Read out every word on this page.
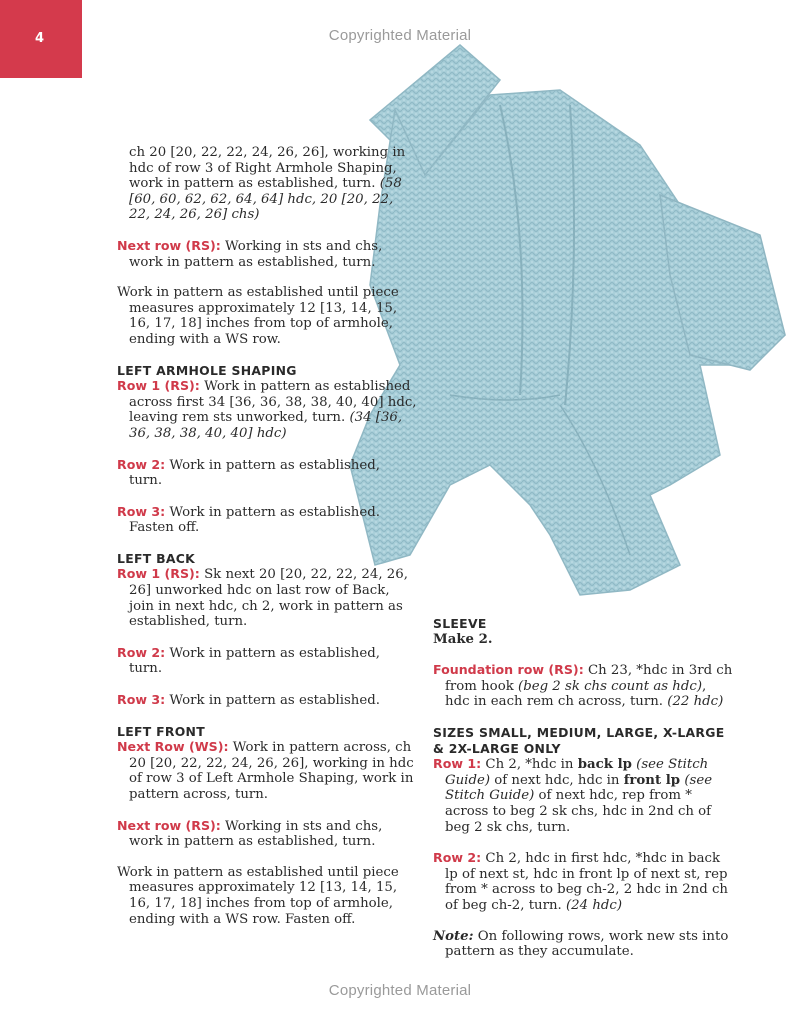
4	Copyrighted Material
ch 20 [20, 22, 22, 24, 26, 26], working in hdc of row 3 of Right Armhole Shaping, work in pattern as established, turn. (58 [60, 60, 62, 62, 64, 64] hdc, 20 [20, 22, 22, 24, 26, 26] chs)
Next row (RS): Working in sts and chs, work in pattern as established, turn.
Work in pattern as established until piece measures approximately 12 [13, 14, 15, 16, 17, 18] inches from top of armhole, ending with a WS row.
LEFT ARMHOLE SHAPING
Row 1 (RS): Work in pattern as established across first 34 [36, 36, 38, 38, 40, 40] hdc, leaving rem sts unworked, turn. (34 [36, 36, 38, 38, 40, 40] hdc)
Row 2: Work in pattern as established, turn.
Row 3: Work in pattern as established. Fasten off.
LEFT BACK
Row 1 (RS): Sk next 20 [20, 22, 22, 24, 26, 26] unworked hdc on last row of Back, join in next hdc, ch 2, work in pattern as established, turn.
Row 2: Work in pattern as established, turn.
Row 3: Work in pattern as established.
LEFT FRONT
Next Row (WS): Work in pattern across, ch 20 [20, 22, 22, 24, 26, 26], working in hdc of row 3 of Left Armhole Shaping, work in pattern across, turn.
Next row (RS): Working in sts and chs, work in pattern as established, turn.
Work in pattern as established until piece measures approximately 12 [13, 14, 15, 16, 17, 18] inches from top of armhole, ending with a WS row. Fasten off.
SLEEVE
Make 2.
Foundation row (RS): Ch 23, *hdc in 3rd ch from hook (beg 2 sk chs count as hdc), hdc in each rem ch across, turn. (22 hdc)
SIZES SMALL, MEDIUM, LARGE, X-LARGE
& 2X-LARGE ONLY
Row 1: Ch 2, *hdc in back lp (see Stitch Guide) of next hdc, hdc in front lp (see Stitch Guide) of next hdc, rep from * across to beg 2 sk chs, hdc in 2nd ch of beg 2 sk chs, turn.
Row 2: Ch 2, hdc in first hdc, *hdc in back lp of next st, hdc in front lp of next st, rep from * across to beg ch-2, 2 hdc in 2nd ch of beg ch-2, turn. (24 hdc)
Note: On following rows, work new sts into pattern as they accumulate.
Copyrighted Material
